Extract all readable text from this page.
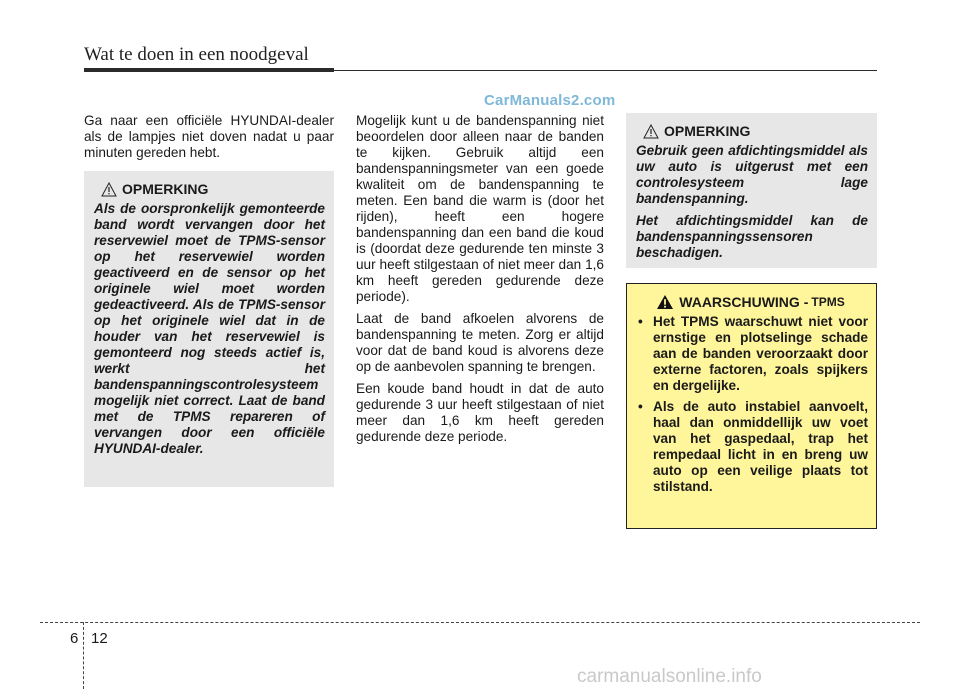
Wat te doen in een noodgeval
CarManuals2.com

Ga naar een officiële HYUNDAI-dealer als de lampjes niet doven nadat u paar minuten gereden hebt.

OPMERKING

Als de oorspronkelijk gemonteerde band wordt vervangen door het reservewiel moet de TPMS-sensor op het reservewiel worden geactiveerd en de sensor op het originele wiel moet worden gedeactiveerd. Als de TPMS-sensor op het originele wiel dat in de houder van het reservewiel is gemonteerd nog steeds actief is, werkt het bandenspanningscontrolesysteem mogelijk niet correct. Laat de band met de TPMS repareren of vervangen door een officiële HYUNDAI-dealer.

Mogelijk kunt u de bandenspanning niet beoordelen door alleen naar de banden te kijken. Gebruik altijd een bandenspanningsmeter van een goede kwaliteit om de bandenspanning te meten. Een band die warm is (door het rijden), heeft een hogere bandenspanning dan een band die koud is (doordat deze gedurende ten minste 3 uur heeft stilgestaan of niet meer dan 1,6 km heeft gereden gedurende deze periode).

Laat de band afkoelen alvorens de bandenspanning te meten. Zorg er altijd voor dat de band koud is alvorens deze op de aanbevolen spanning te brengen.

Een koude band houdt in dat de auto gedurende 3 uur heeft stilgestaan of niet meer dan 1,6 km heeft gereden gedurende deze periode.

OPMERKING

Gebruik geen afdichtingsmiddel als uw auto is uitgerust met een controlesysteem lage bandenspanning.

Het afdichtingsmiddel kan de bandenspanningssensoren beschadigen.

WAARSCHUWING - TPMS
• Het TPMS waarschuwt niet voor ernstige en plotselinge schade aan de banden veroorzaakt door externe factoren, zoals spijkers en dergelijke.
• Als de auto instabiel aanvoelt, haal dan onmiddellijk uw voet van het gaspedaal, trap het rempedaal licht in en breng uw auto op een veilige plaats tot stilstand.
6 12
carmanualsonline.info
